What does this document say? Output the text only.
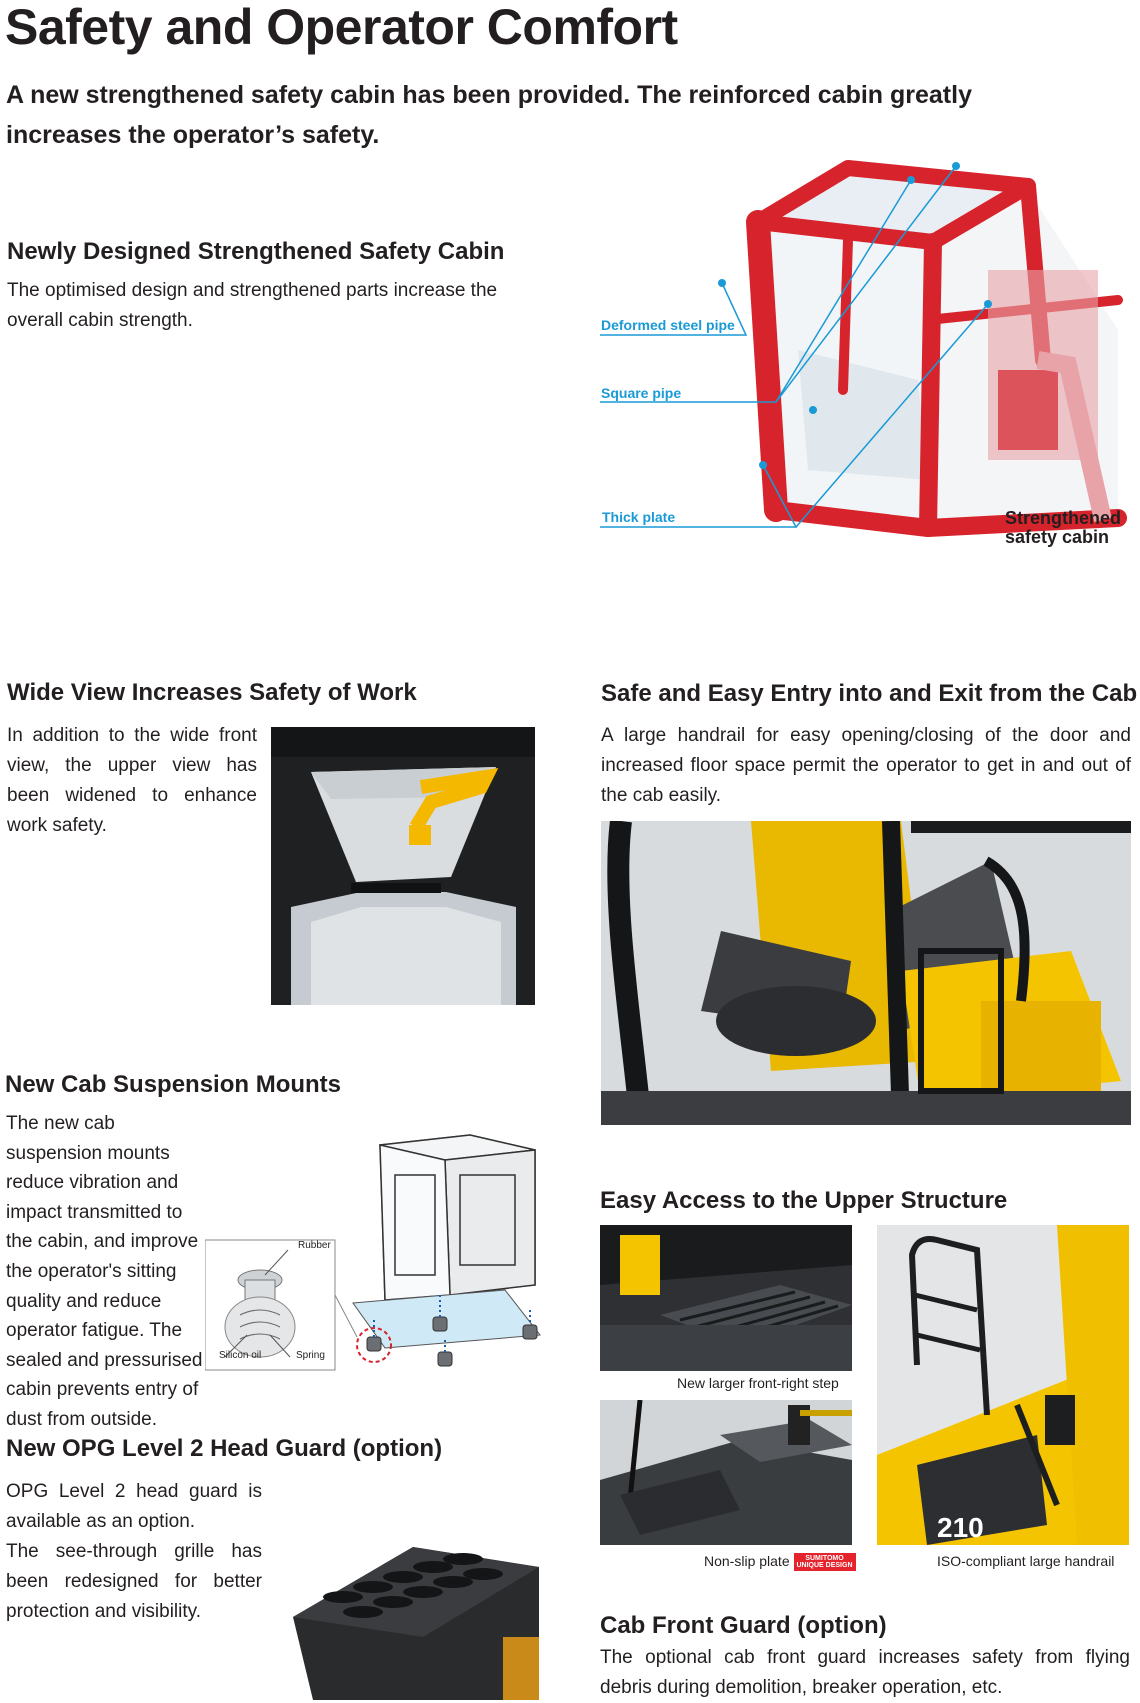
Safety and Operator Comfort
A new strengthened safety cabin has been provided. The reinforced cabin greatly increases the operator’s safety.
Newly Designed Strengthened Safety Cabin

The optimised design and strengthened parts increase the overall cabin strength.	Deformed steel pipe
Square pipe
Thick plate	Strengthened
safety cabin
Wide View Increases Safety of Work

In addition to the wide front view, the upper view has been widened to enhance work safety.

Safe and Easy Entry into and Exit from the Cab

A large handrail for easy opening/closing of the door and increased floor space permit the operator to get in and out of the cab easily.

New Cab Suspension Mounts
The new cab suspension mounts reduce vibration and impact transmitted to the cabin, and improve the operator's sitting quality and reduce operator fatigue. The sealed and pressurised cabin prevents entry of dust from outside.
Rubber
Silicon oil	Spring
Easy Access to the Upper Structure
New larger front-right step
Non-slip plate SUMITOMO
UNIQUE DESIGN
210
ISO-compliant large handrail
New OPG Level 2 Head Guard (option)

OPG Level 2 head guard is available as an option.

The see-through grille has been redesigned for better protection and visibility.

Cab Front Guard (option)

The optional cab front guard increases safety from flying debris during demolition, breaker operation, etc.
